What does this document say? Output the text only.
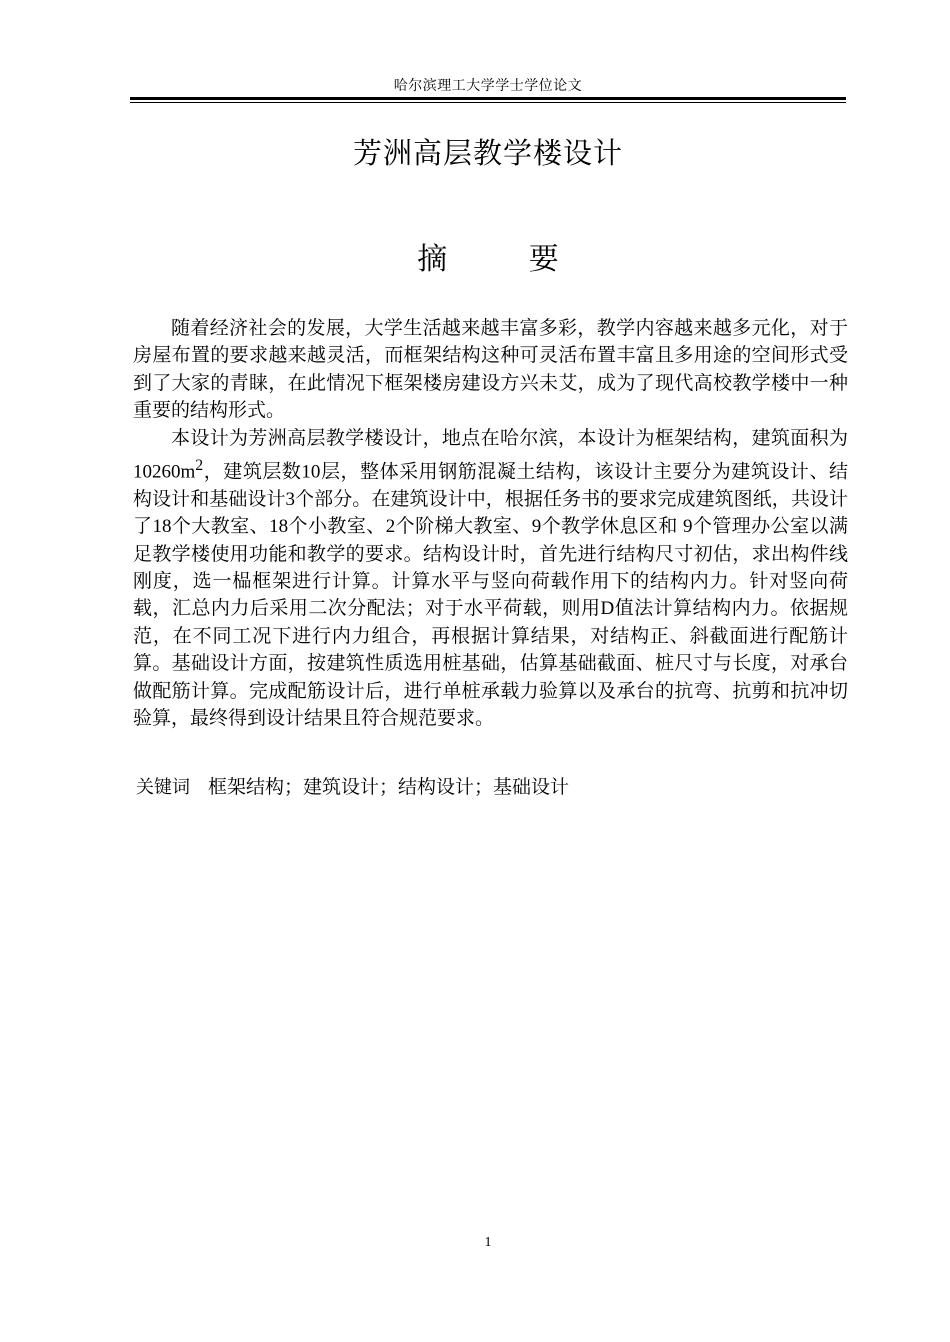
哈尔滨理工大学学士学位论文
芳洲高层教学楼设计
摘 要

随着经济社会的发展，大学生活越来越丰富多彩，教学内容越来越多元化，对于房屋布置的要求越来越灵活，而框架结构这种可灵活布置丰富且多用途的空间形式受到了大家的青睐，在此情况下框架楼房建设方兴未艾，成为了现代高校教学楼中一种重要的结构形式。

本设计为芳洲高层教学楼设计，地点在哈尔滨，本设计为框架结构，建筑面积为$10260m^2$，建筑层数10层，整体采用钢筋混凝土结构，该设计主要分为建筑设计、结构设计和基础设计3个部分。在建筑设计中，根据任务书的要求完成建筑图纸，共设计了18个大教室、18个小教室、2个阶梯大教室、9个教学休息区和 9个管理办公室以满足教学楼使用功能和教学的要求。结构设计时，首先进行结构尺寸初估，求出构件线刚度，选一榀框架进行计算。计算水平与竖向荷载作用下的结构内力。针对竖向荷载，汇总内力后采用二次分配法；对于水平荷载，则用D值法计算结构内力。依据规范，在不同工况下进行内力组合，再根据计算结果，对结构正、斜截面进行配筋计算。基础设计方面，按建筑性质选用桩基础，估算基础截面、桩尺寸与长度，对承台做配筋计算。完成配筋设计后，进行单桩承载力验算以及承台的抗弯、抗剪和抗冲切验算，最终得到设计结果且符合规范要求。

关键词 框架结构；建筑设计；结构设计；基础设计
1
